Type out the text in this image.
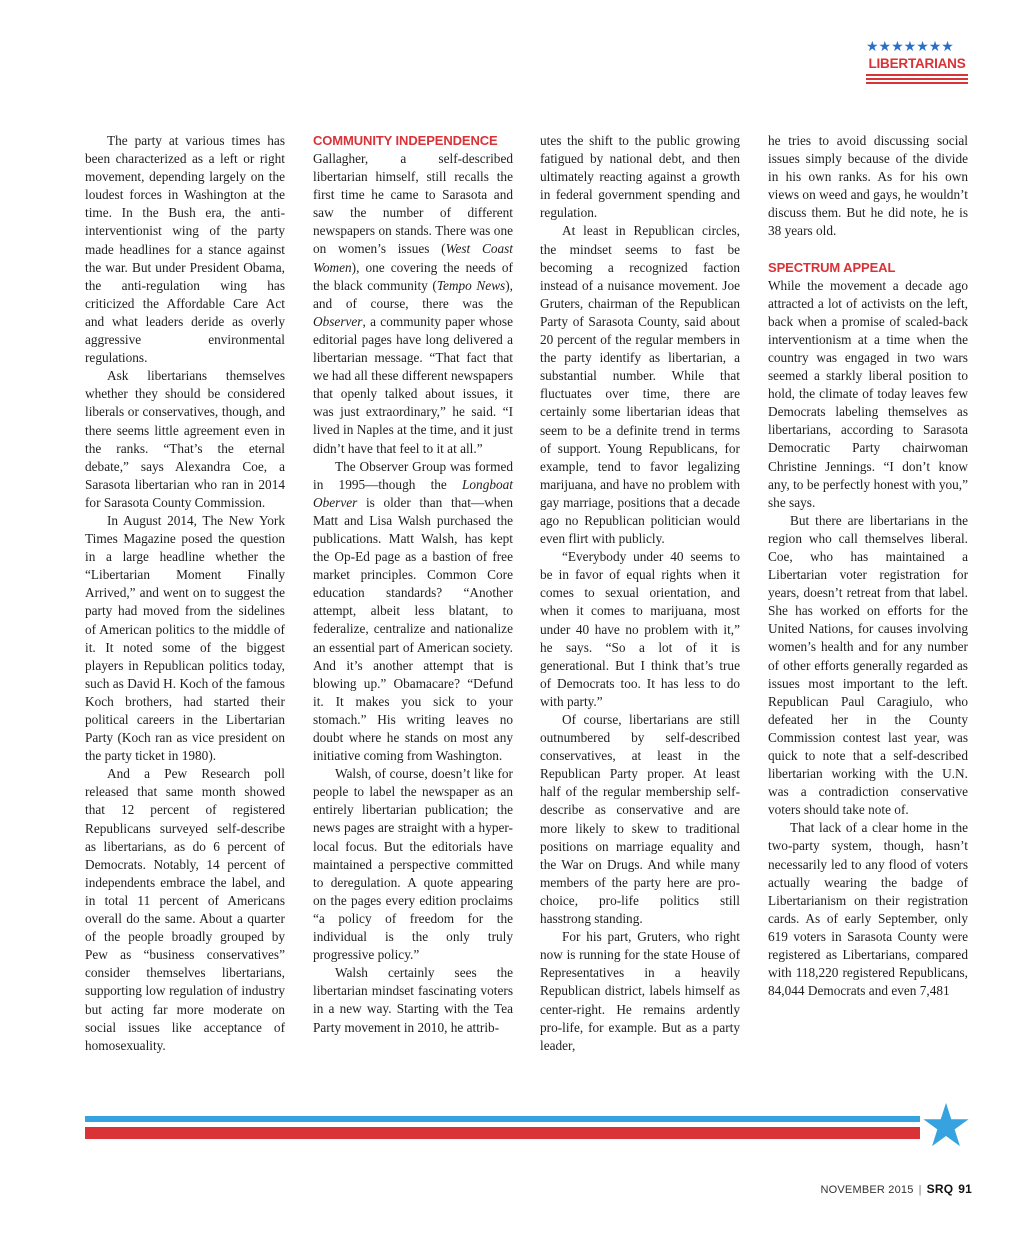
★★★★★★★
LIBERTARIANS

The party at various times has been characterized as a left or right movement, depending largely on the loudest forces in Washington at the time. In the Bush era, the anti-interventionist wing of the party made headlines for a stance against the war. But under President Obama, the anti-regulation wing has criticized the Affordable Care Act and what leaders deride as overly aggressive environmental regulations.

Ask libertarians themselves whether they should be considered liberals or conservatives, though, and there seems little agreement even in the ranks. “That’s the eternal debate,” says Alexandra Coe, a Sarasota libertarian who ran in 2014 for Sarasota County Commission.

In August 2014, The New York Times Magazine posed the question in a large headline whether the “Libertarian Moment Finally Arrived,” and went on to suggest the party had moved from the sidelines of American politics to the middle of it. It noted some of the biggest players in Republican politics today, such as David H. Koch of the famous Koch brothers, had started their political careers in the Libertarian Party (Koch ran as vice president on the party ticket in 1980).

And a Pew Research poll released that same month showed that 12 percent of registered Republicans surveyed self-describe as libertarians, as do 6 percent of Democrats. Notably, 14 percent of independents embrace the label, and in total 11 percent of Americans overall do the same. About a quarter of the people broadly grouped by Pew as “business conservatives” consider themselves libertarians, supporting low regulation of industry but acting far more moderate on social issues like acceptance of homosexuality.

COMMUNITY INDEPENDENCE

Gallagher, a self-described libertarian himself, still recalls the first time he came to Sarasota and saw the number of different newspapers on stands. There was one on women’s issues (West Coast Women), one covering the needs of the black community (Tempo News), and of course, there was the Observer, a community paper whose editorial pages have long delivered a libertarian message. “That fact that we had all these different newspapers that openly talked about issues, it was just extraordinary,” he said. “I lived in Naples at the time, and it just didn’t have that feel to it at all.”

The Observer Group was formed in 1995—though the Longboat Oberver is older than that—when Matt and Lisa Walsh purchased the publications. Matt Walsh, has kept the Op-Ed page as a bastion of free market principles. Common Core education standards? “Another attempt, albeit less blatant, to federalize, centralize and nationalize an essential part of American society. And it’s another attempt that is blowing up.” Obamacare? “Defund it. It makes you sick to your stomach.” His writing leaves no doubt where he stands on most any initiative coming from Washington.

Walsh, of course, doesn’t like for people to label the newspaper as an entirely libertarian publication; the news pages are straight with a hyper-local focus. But the editorials have maintained a perspective committed to deregulation. A quote appearing on the pages every edition proclaims “a policy of freedom for the individual is the only truly progressive policy.”

Walsh certainly sees the libertarian mindset fascinating voters in a new way. Starting with the Tea Party movement in 2010, he attrib-

utes the shift to the public growing fatigued by national debt, and then ultimately reacting against a growth in federal government spending and regulation.

At least in Republican circles, the mindset seems to fast be becoming a recognized faction instead of a nuisance movement. Joe Gruters, chairman of the Republican Party of Sarasota County, said about 20 percent of the regular members in the party identify as libertarian, a substantial number. While that fluctuates over time, there are certainly some libertarian ideas that seem to be a definite trend in terms of support. Young Republicans, for example, tend to favor legalizing marijuana, and have no problem with gay marriage, positions that a decade ago no Republican politician would even flirt with publicly.

“Everybody under 40 seems to be in favor of equal rights when it comes to sexual orientation, and when it comes to marijuana, most under 40 have no problem with it,” he says. “So a lot of it is generational. But I think that’s true of Democrats too. It has less to do with party.”

Of course, libertarians are still outnumbered by self-described conservatives, at least in the Republican Party proper. At least half of the regular membership self-describe as conservative and are more likely to skew to traditional positions on marriage equality and the War on Drugs. And while many members of the party here are pro-choice, pro-life politics still hasstrong standing.

For his part, Gruters, who right now is running for the state House of Representatives in a heavily Republican district, labels himself as center-right. He remains ardently pro-life, for example. But as a party leader,

he tries to avoid discussing social issues simply because of the divide in his own ranks. As for his own views on weed and gays, he wouldn’t discuss them. But he did note, he is 38 years old.

SPECTRUM APPEAL

While the movement a decade ago attracted a lot of activists on the left, back when a promise of scaled-back interventionism at a time when the country was engaged in two wars seemed a starkly liberal position to hold, the climate of today leaves few Democrats labeling themselves as libertarians, according to Sarasota Democratic Party chairwoman Christine Jennings. “I don’t know any, to be perfectly honest with you,” she says.

But there are libertarians in the region who call themselves liberal. Coe, who has maintained a Libertarian voter registration for years, doesn’t retreat from that label. She has worked on efforts for the United Nations, for causes involving women’s health and for any number of other efforts generally regarded as issues most important to the left. Republican Paul Caragiulo, who defeated her in the County Commission contest last year, was quick to note that a self-described libertarian working with the U.N. was a contradiction conservative voters should take note of.

That lack of a clear home in the two-party system, though, hasn’t necessarily led to any flood of voters actually wearing the badge of Libertarianism on their registration cards. As of early September, only 619 voters in Sarasota County were registered as Libertarians, compared with 118,220 registered Republicans, 84,044 Democrats and even 7,481

NOVEMBER 2015 | SRQ 91
